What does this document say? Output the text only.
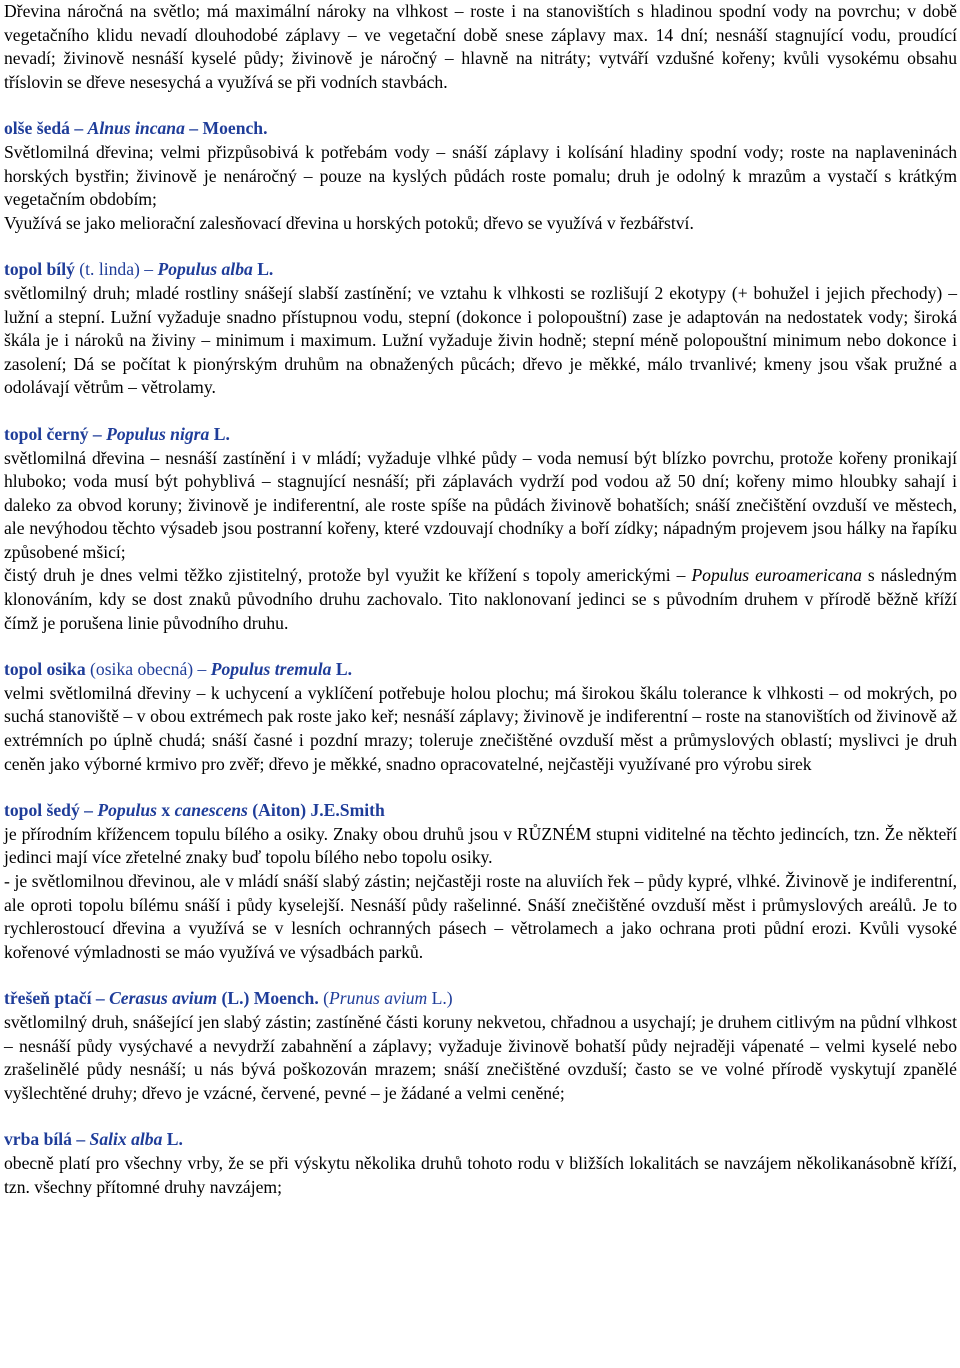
Dřevina náročná na světlo; má maximální nároky na vlhkost – roste i na stanovištích s hladinou spodní vody na povrchu; v době vegetačního klidu nevadí dlouhodobé záplavy – ve vegetační době snese záplavy max. 14 dní; nesnáší stagnující vodu, proudící nevadí; živinově nesnáší kyselé půdy; živinově je náročný – hlavně na nitráty; vytváří vzdušné kořeny; kvůli vysokému obsahu tříslovin se dřeve nesesychá a využívá se při vodních stavbách.

olše šedá – Alnus incana – Moench.

Světlomilná dřevina; velmi přizpůsobivá k potřebám vody – snáší záplavy i kolísání hladiny spodní vody; roste na naplaveninách horských bystřin; živinově je nenáročný – pouze na kyslých půdách roste pomalu; druh je odolný k mrazům a vystačí s krátkým vegetačním obdobím;

Využívá se jako meliorační zalesňovací dřevina u horských potoků; dřevo se využívá v řezbářství.

topol bílý (t. linda) – Populus alba L.

světlomilný druh; mladé rostliny snášejí slabší zastínění; ve vztahu k vlhkosti se rozlišují 2 ekotypy (+ bohužel i jejich přechody) – lužní a stepní. Lužní vyžaduje snadno přístupnou vodu, stepní (dokonce i polopouštní) zase je adaptován na nedostatek vody; široká škála je i nároků na živiny – minimum i maximum. Lužní vyžaduje živin hodně; stepní méně polopouštní minimum nebo dokonce i zasolení; Dá se počítat k pionýrským druhům na obnažených půcách; dřevo je měkké, málo trvanlivé; kmeny jsou však pružné a odolávají větrům – větrolamy.

topol černý – Populus nigra L.

světlomilná dřevina – nesnáší zastínění i v mládí; vyžaduje vlhké půdy – voda nemusí být blízko povrchu, protože kořeny pronikají hluboko; voda musí být pohyblivá – stagnující nesnáší; při záplavách vydrží pod vodou až 50 dní; kořeny mimo hloubky sahají i daleko za obvod koruny; živinově je indiferentní, ale roste spíše na půdách živinově bohatších; snáší znečištění ovzduší ve městech, ale nevýhodou těchto výsadeb jsou postranní kořeny, které vzdouvají chodníky a boří zídky; nápadným projevem jsou hálky na řapíku způsobené mšicí;

čistý druh je dnes velmi těžko zjistitelný, protože byl využit ke křížení s topoly americkými – Populus euroamericana s následným klonováním, kdy se dost znaků původního druhu zachovalo. Tito naklonovaní jedinci se s původním druhem v přírodě běžně kříží čímž je porušena linie původního druhu.

topol osika (osika obecná) – Populus tremula L.

velmi světlomilná dřeviny – k uchycení a vyklíčení potřebuje holou plochu; má širokou škálu tolerance k vlhkosti – od mokrých, po suchá stanoviště – v obou extrémech pak roste jako keř; nesnáší záplavy; živinově je indiferentní – roste na stanovištích od živinově až extrémních po úplně chudá; snáší časné i pozdní mrazy; toleruje znečištěné ovzduší měst a průmyslových oblastí; myslivci je druh ceněn jako výborné krmivo pro zvěř; dřevo je měkké, snadno opracovatelné, nejčastěji využívané pro výrobu sirek

topol šedý – Populus x canescens (Aiton) J.E.Smith

je přírodním křížencem topulu bílého a osiky. Znaky obou druhů jsou v RŮZNÉM stupni viditelné na těchto jedincích, tzn. Že někteří jedinci mají více zřetelné znaky buď topolu bílého nebo topolu osiky.

- je světlomilnou dřevinou, ale v mládí snáší slabý zástin; nejčastěji roste na aluviích řek – půdy kypré, vlhké. Živinově je indiferentní, ale oproti topolu bílému snáší i půdy kyselejší. Nesnáší půdy rašelinné. Snáší znečištěné ovzduší měst i průmyslových areálů. Je to rychlerostoucí dřevina a využívá se v lesních ochranných pásech – větrolamech a jako ochrana proti půdní erozi. Kvůli vysoké kořenové výmladnosti se máo využívá ve výsadbách parků.

třešeň ptačí – Cerasus avium (L.) Moench. (Prunus avium L.)

světlomilný druh, snášející jen slabý zástin; zastíněné části koruny nekvetou, chřadnou a usychají; je druhem citlivým na půdní vlhkost – nesnáší půdy vysýchavé a nevydrží zabahnění a záplavy; vyžaduje živinově bohatší půdy nejraději vápenaté – velmi kyselé nebo zrašelinělé půdy nesnáší; u nás bývá poškozován mrazem; snáší znečištěné ovzduší; často se ve volné přírodě vyskytují zpanělé vyšlechtěné druhy; dřevo je vzácné, červené, pevné – je žádané a velmi ceněné;

vrba bílá – Salix alba L.

obecně platí pro všechny vrby, že se při výskytu několika druhů tohoto rodu v bližších lokalitách se navzájem několikanásobně kříží, tzn. všechny přítomné druhy navzájem;
